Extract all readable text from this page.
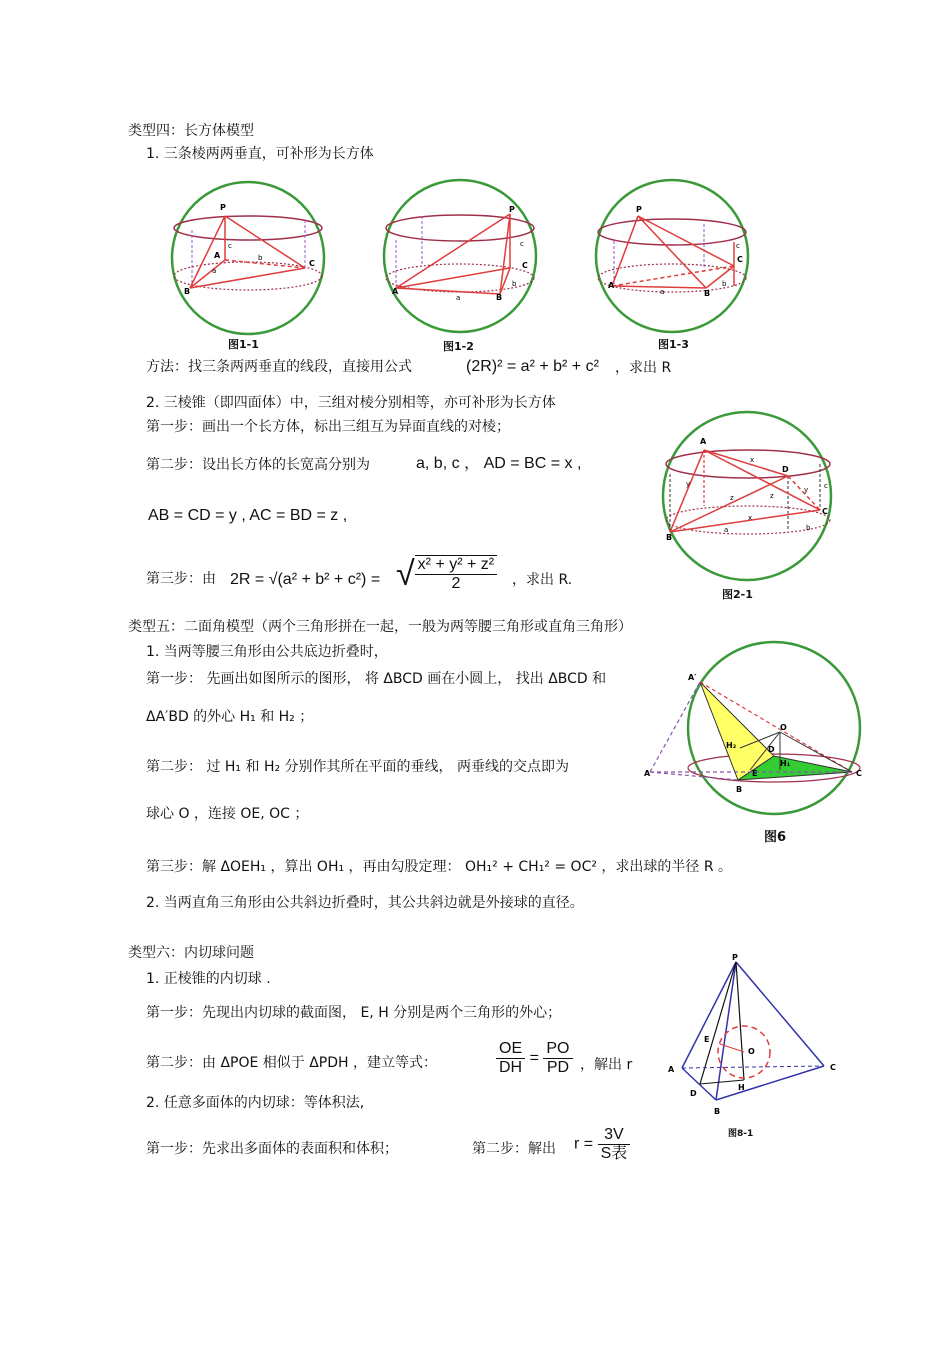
类型四：长方体模型
1. 三条棱两两垂直，可补形为长方体
P
A
B
C
a
b
c
图1-1
P
A
B
C
a
b
c
图1-2
P
A
B
C
a
b
c
图1-3
方法：找三条两两垂直的线段，直接用公式	(2R)² = a² + b² + c² ，求出 R
2. 三棱锥（即四面体）中，三组对棱分别相等，亦可补形为长方体
第一步：画出一个长方体，标出三组互为异面直线的对棱；
第二步：设出长方体的长宽高分别为	a, b, c ， AD = BC = x ,
AB = CD = y , AC = BD = z ,
第三步：由 2R = √(a² + b² + c²) = √ $\frac{\text{x² + y² + z²}}{2}$ ，求出 R.
A
B
C
D
x
x
y
y
z	z
a	b
c
图2-1
类型五：二面角模型（两个三角形拼在一起，一般为两等腰三角形或直角三角形）
1. 当两等腰三角形由公共底边折叠时，
第一步： 先画出如图所示的图形， 将 ΔBCD 画在小圆上， 找出 ΔBCD 和
ΔA′BD 的外心 H₁ 和 H₂ ；
第二步： 过 H₁ 和 H₂ 分别作其所在平面的垂线， 两垂线的交点即为
球心 O ，连接 OE, OC ；
A′
A
B
C
D
E
O
H₁
H₂
图6
第三步：解 ΔOEH₁ ，算出 OH₁ ，再由勾股定理： OH₁² + CH₁² = OC² ，求出球的半径 R 。
2. 当两直角三角形由公共斜边折叠时，其公共斜边就是外接球的直径。
类型六：内切球问题
1. 正棱锥的内切球 .
第一步：先现出内切球的截面图， E, H 分别是两个三角形的外心；
第二步：由 ΔPOE 相似于 ΔPDH ，建立等式：	$\frac{OE}{DH} = \frac{PO}{PD}$ ，解出 r
2. 任意多面体的内切球：等体积法,
第一步：先求出多面体的表面积和体积；	第二步：解出 $r = \frac{3V}{\text{S表}}$
P
A
B
C
D
E
H
O
图8-1
